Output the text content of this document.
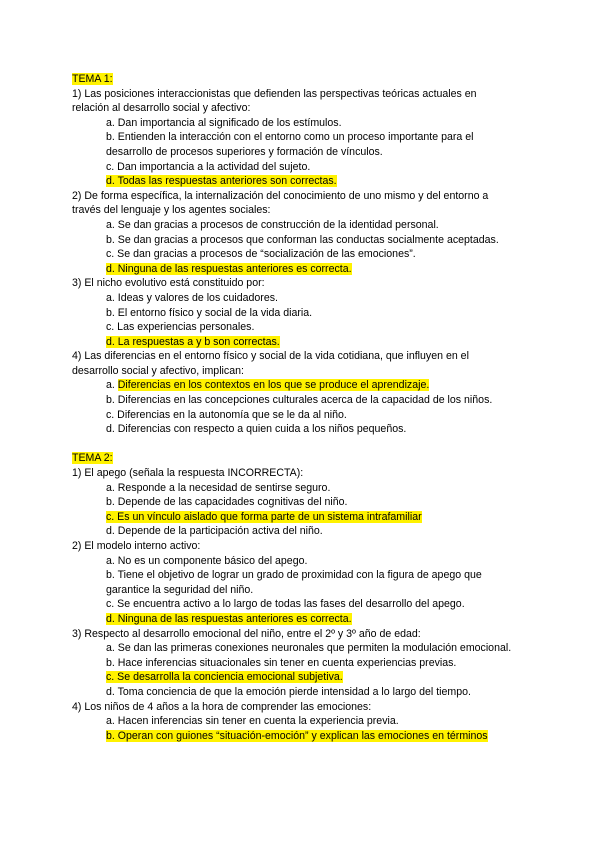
TEMA 1:

1) Las posiciones interaccionistas que defienden las perspectivas teóricas actuales en relación al desarrollo social y afectivo:

a. Dan importancia al significado de los estímulos.

b. Entienden la interacción con el entorno como un proceso importante para el desarrollo de procesos superiores y formación de vínculos.

c. Dan importancia a la actividad del sujeto.

d. Todas las respuestas anteriores son correctas.

2) De forma específica, la internalización del conocimiento de uno mismo y del entorno a través del lenguaje y los agentes sociales:

a. Se dan gracias a procesos de construcción de la identidad personal.

b. Se dan gracias a procesos que conforman las conductas socialmente aceptadas.

c. Se dan gracias a procesos de “socialización de las emociones”.

d. Ninguna de las respuestas anteriores es correcta.

3) El nicho evolutivo está constituido por:

a. Ideas y valores de los cuidadores.

b. El entorno físico y social de la vida diaria.

c. Las experiencias personales.

d. La respuestas a y b son correctas.

4) Las diferencias en el entorno físico y social de la vida cotidiana, que influyen en el desarrollo social y afectivo, implican:

a. Diferencias en los contextos en los que se produce el aprendizaje.

b. Diferencias en las concepciones culturales acerca de la capacidad de los niños.

c. Diferencias en la autonomía que se le da al niño.

d. Diferencias con respecto a quien cuida a los niños pequeños.

TEMA 2:

1) El apego (señala la respuesta INCORRECTA):

a. Responde a la necesidad de sentirse seguro.

b. Depende de las capacidades cognitivas del niño.

c. Es un vínculo aislado que forma parte de un sistema intrafamiliar

d. Depende de la participación activa del niño.

2) El modelo interno activo:

a. No es un componente básico del apego.

b. Tiene el objetivo de lograr un grado de proximidad con la figura de apego que garantice la seguridad del niño.

c. Se encuentra activo a lo largo de todas las fases del desarrollo del apego.

d. Ninguna de las respuestas anteriores es correcta.

3) Respecto al desarrollo emocional del niño, entre el 2º y 3º año de edad:

a. Se dan las primeras conexiones neuronales que permiten la modulación emocional.

b. Hace inferencias situacionales sin tener en cuenta experiencias previas.

c. Se desarrolla la conciencia emocional subjetiva.

d. Toma conciencia de que la emoción pierde intensidad a lo largo del tiempo.

4) Los niños de 4 años a la hora de comprender las emociones:

a. Hacen inferencias sin tener en cuenta la experiencia previa.

b. Operan con guiones “situación-emoción” y explican las emociones en términos
